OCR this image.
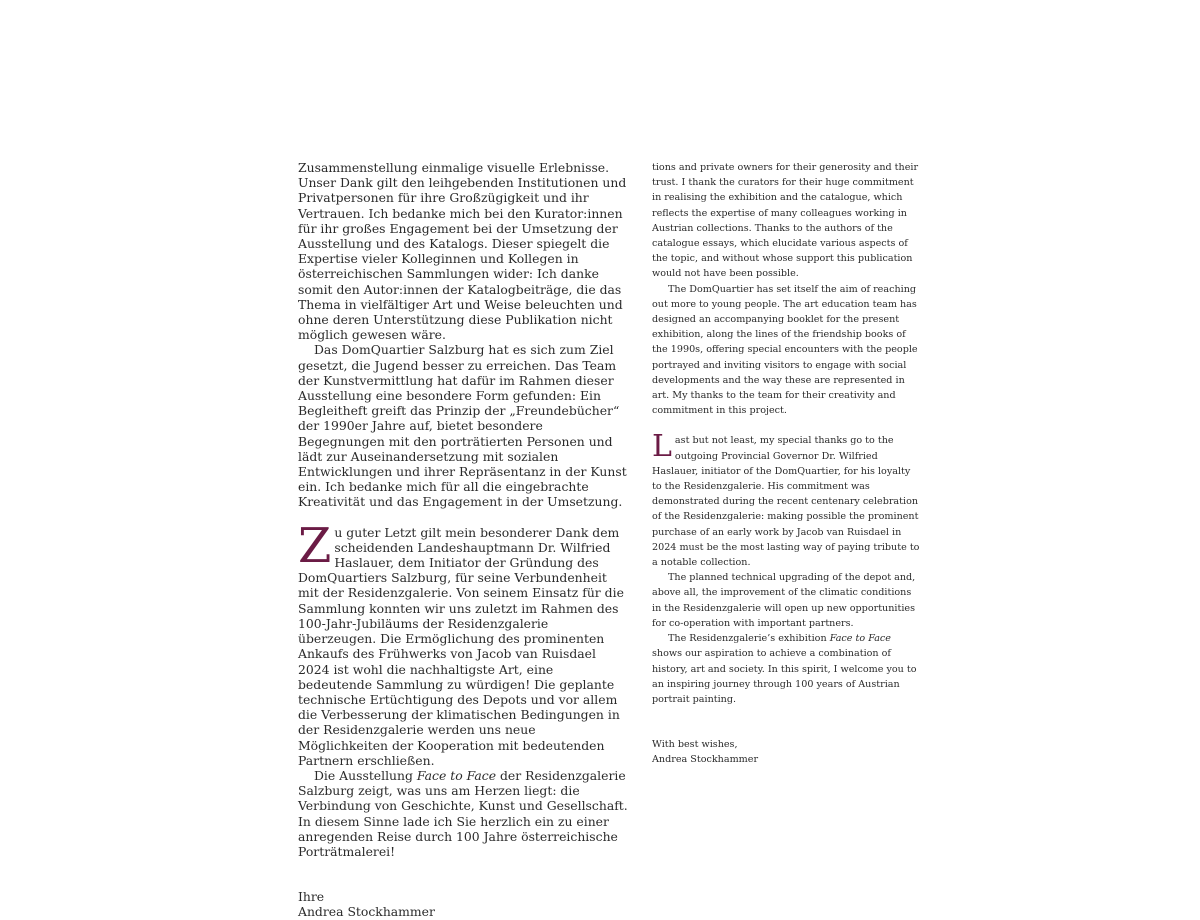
Zusammenstellung einmalige visuelle Erlebnisse. Unser Dank gilt den leihgebenden Institutionen und Privatpersonen für ihre Großzügigkeit und ihr Vertrauen. Ich bedanke mich bei den Kurator:innen für ihr großes Engagement bei der Umsetzung der Ausstellung und des Katalogs. Dieser spiegelt die Expertise vieler Kolleginnen und Kollegen in österreichischen Sammlungen wider: Ich danke somit den Autor:innen der Katalogbeiträge, die das Thema in vielfältiger Art und Weise beleuchten und ohne deren Unterstützung diese Publikation nicht möglich gewesen wäre.

Das DomQuartier Salzburg hat es sich zum Ziel gesetzt, die Jugend besser zu erreichen. Das Team der Kunstvermittlung hat dafür im Rahmen dieser Ausstellung eine besondere Form gefunden: Ein Begleitheft greift das Prinzip der „Freundebücher“ der 1990er Jahre auf, bietet besondere Begegnungen mit den porträtierten Personen und lädt zur Auseinandersetzung mit sozialen Entwicklungen und ihrer Repräsentanz in der Kunst ein. Ich bedanke mich für all die eingebrachte Kreativität und das Engagement in der Umsetzung.

Zu guter Letzt gilt mein besonderer Dank dem scheidenden Landeshauptmann Dr. Wilfried Haslauer, dem Initiator der Gründung des DomQuartiers Salzburg, für seine Verbundenheit mit der Residenzgalerie. Von seinem Einsatz für die Sammlung konnten wir uns zuletzt im Rahmen des 100-Jahr-Jubiläums der Residenzgalerie überzeugen. Die Ermöglichung des prominenten Ankaufs des Frühwerks von Jacob van Ruisdael 2024 ist wohl die nachhaltigste Art, eine bedeutende Sammlung zu würdigen! Die geplante technische Ertüchtigung des Depots und vor allem die Verbesserung der klimatischen Bedingungen in der Residenzgalerie werden uns neue Möglichkeiten der Kooperation mit bedeutenden Partnern erschließen.

Die Ausstellung Face to Face der Residenzgalerie Salzburg zeigt, was uns am Herzen liegt: die Verbindung von Geschichte, Kunst und Gesellschaft. In diesem Sinne lade ich Sie herzlich ein zu einer anregenden Reise durch 100 Jahre österreichische Porträtmalerei!

Ihre
Andrea Stockhammer

tions and private owners for their generosity and their trust. I thank the curators for their huge commitment in realising the exhibition and the catalogue, which reflects the expertise of many colleagues working in Austrian collections. Thanks to the authors of the catalogue essays, which elucidate various aspects of the topic, and without whose support this publication would not have been possible.

The DomQuartier has set itself the aim of reaching out more to young people. The art education team has designed an accompanying booklet for the present exhibition, along the lines of the friendship books of the 1990s, offering special encounters with the people portrayed and inviting visitors to engage with social developments and the way these are represented in art. My thanks to the team for their creativity and commitment in this project.

Last but not least, my special thanks go to the outgoing Provincial Governor Dr. Wilfried Haslauer, initiator of the DomQuartier, for his loyalty to the Residenzgalerie. His commitment was demonstrated during the recent centenary celebration of the Residenzgalerie: making possible the prominent purchase of an early work by Jacob van Ruisdael in 2024 must be the most lasting way of paying tribute to a notable collection.

The planned technical upgrading of the depot and, above all, the improvement of the climatic conditions in the Residenzgalerie will open up new opportunities for co-operation with important partners.

The Residenzgalerie’s exhibition Face to Face shows our aspiration to achieve a combination of history, art and society. In this spirit, I welcome you to an inspiring journey through 100 years of Austrian portrait painting.

With best wishes,
Andrea Stockhammer
